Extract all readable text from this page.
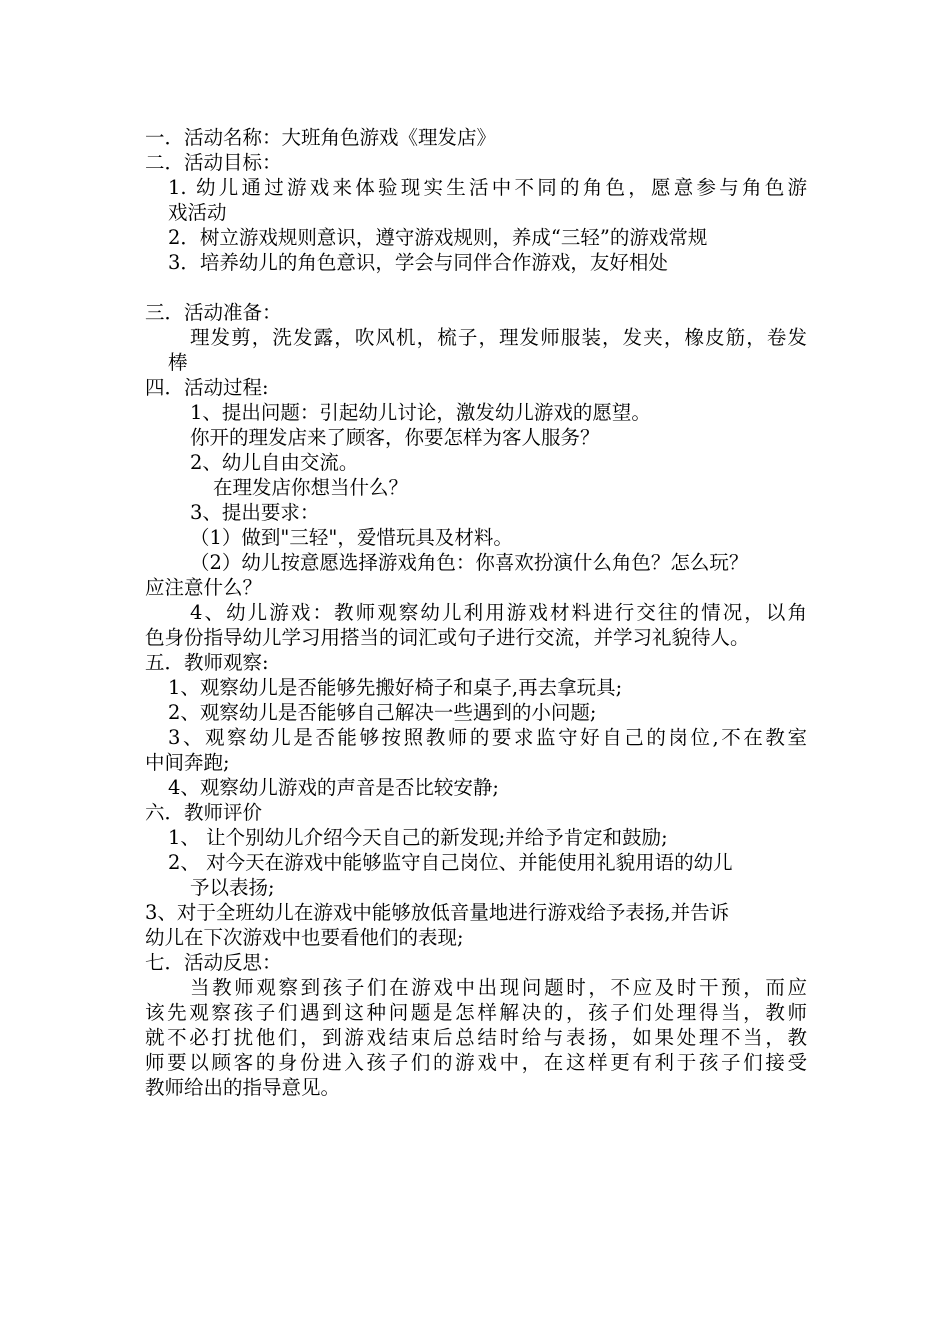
一．活动名称：大班角色游戏《理发店》

二．活动目标：

1. 幼儿通过游戏来体验现实生活中不同的角色，愿意参与角色游

戏活动

2．树立游戏规则意识，遵守游戏规则，养成“三轻”的游戏常规

3．培养幼儿的角色意识，学会与同伴合作游戏，友好相处

三．活动准备：

理发剪，洗发露，吹风机，梳子，理发师服装，发夹，橡皮筋，卷发

棒

四．活动过程:

1、提出问题：引起幼儿讨论，激发幼儿游戏的愿望。

你开的理发店来了顾客，你要怎样为客人服务？

2、幼儿自由交流。

在理发店你想当什么？

3、提出要求：

（1）做到"三轻"，爱惜玩具及材料。

（2）幼儿按意愿选择游戏角色：你喜欢扮演什么角色？怎么玩？

应注意什么？

4、幼儿游戏：教师观察幼儿利用游戏材料进行交往的情况，以角

色身份指导幼儿学习用搭当的词汇或句子进行交流，并学习礼貌待人。

五．教师观察:

1、观察幼儿是否能够先搬好椅子和桌子,再去拿玩具;

2、观察幼儿是否能够自己解决一些遇到的小问题;

3、观察幼儿是否能够按照教师的要求监守好自己的岗位,不在教室

中间奔跑;

4、观察幼儿游戏的声音是否比较安静;

六．教师评价

1、 让个别幼儿介绍今天自己的新发现;并给予肯定和鼓励;

2、 对今天在游戏中能够监守自己岗位、并能使用礼貌用语的幼儿

予以表扬;

3、对于全班幼儿在游戏中能够放低音量地进行游戏给予表扬,并告诉

幼儿在下次游戏中也要看他们的表现;

七．活动反思：

当教师观察到孩子们在游戏中出现问题时，不应及时干预，而应

该先观察孩子们遇到这种问题是怎样解决的，孩子们处理得当，教师

就不必打扰他们，到游戏结束后总结时给与表扬，如果处理不当，教

师要以顾客的身份进入孩子们的游戏中，在这样更有利于孩子们接受

教师给出的指导意见。
